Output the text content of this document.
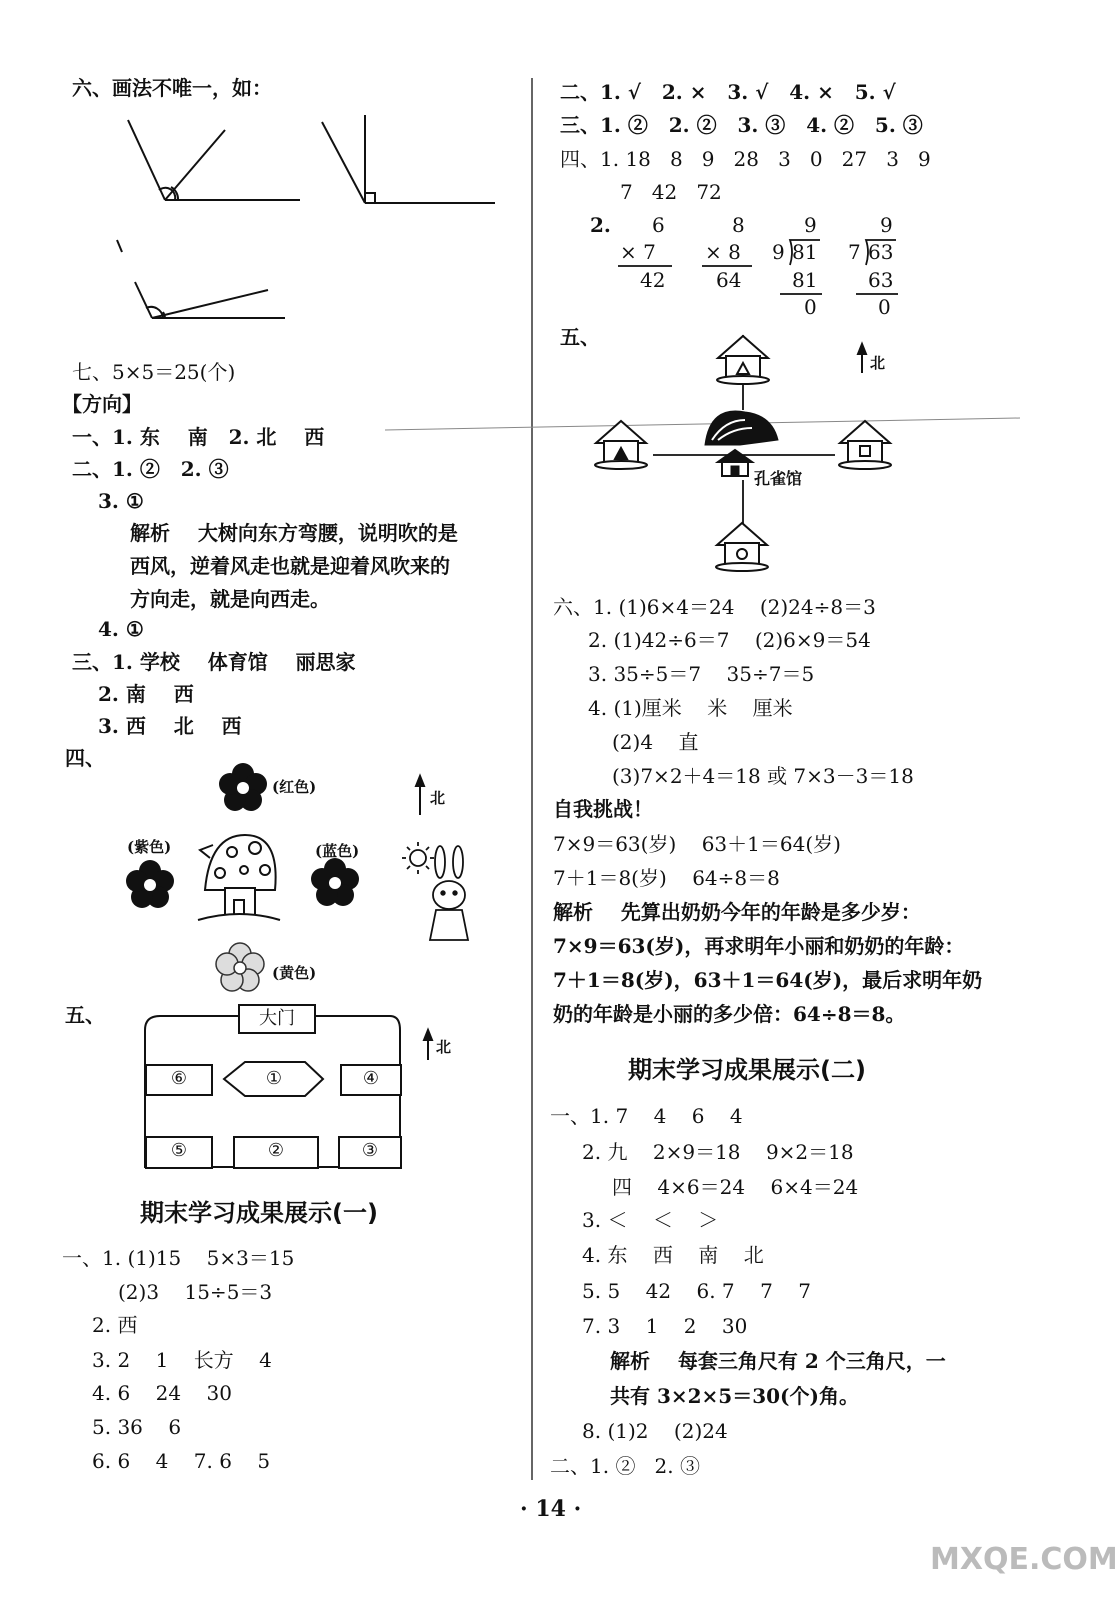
六、画法不唯一，如：
七、5×5＝25(个)
【方向】
一、1. 东    南   2. 北    西
二、1. ②   2. ③
3. ①
解析    大树向东方弯腰，说明吹的是
西风，逆着风走也就是迎着风吹来的
方向走，就是向西走。
4. ①
三、1. 学校    体育馆    丽思家
2. 南    西
3. 西    北    西
四、
(红色)
(紫色)	(蓝色)
(黄色)
北
五、	大门
①
⑥	④
⑤	②	③
北
期末学习成果展示(一)
一、1. (1)15    5×3＝15
(2)3    15÷5＝3
2. 西
3. 2    1    长方    4
4. 6    24    30
5. 36    6
6. 6    4    7. 6    5
二、1. √   2. ×   3. √   4. ×   5. √
三、1. ②   2. ②   3. ③   4. ②   5. ③
四、1. 18   8   9   28   3   0   27   3   9
7   42   72
2. 6
× 7
42
8
× 8
64
9
9 81
81
0
9
7 63
63
0
五、
北
孔雀馆
六、1. (1)6×4＝24    (2)24÷8＝3
2. (1)42÷6＝7    (2)6×9＝54
3. 35÷5＝7    35÷7＝5
4. (1)厘米    米    厘米
(2)4    直
(3)7×2＋4＝18 或 7×3－3＝18
自我挑战！
7×9＝63(岁)    63＋1＝64(岁)
7＋1＝8(岁)    64÷8＝8
解析    先算出奶奶今年的年龄是多少岁：
7×9＝63(岁)，再求明年小丽和奶奶的年龄：
7＋1＝8(岁)，63＋1＝64(岁)，最后求明年奶
奶的年龄是小丽的多少倍：64÷8＝8。
期末学习成果展示(二)
一、1. 7    4    6    4
2. 九    2×9＝18    9×2＝18
四    4×6＝24    6×4＝24
3. ＜    ＜    ＞
4. 东    西    南    北
5. 5    42    6. 7    7    7
7. 3    1    2    30
解析    每套三角尺有 2 个三角尺，一
共有 3×2×5＝30(个)角。
8. (1)2    (2)24
二、1. ②   2. ③
· 14 ·
MXQE.COM
